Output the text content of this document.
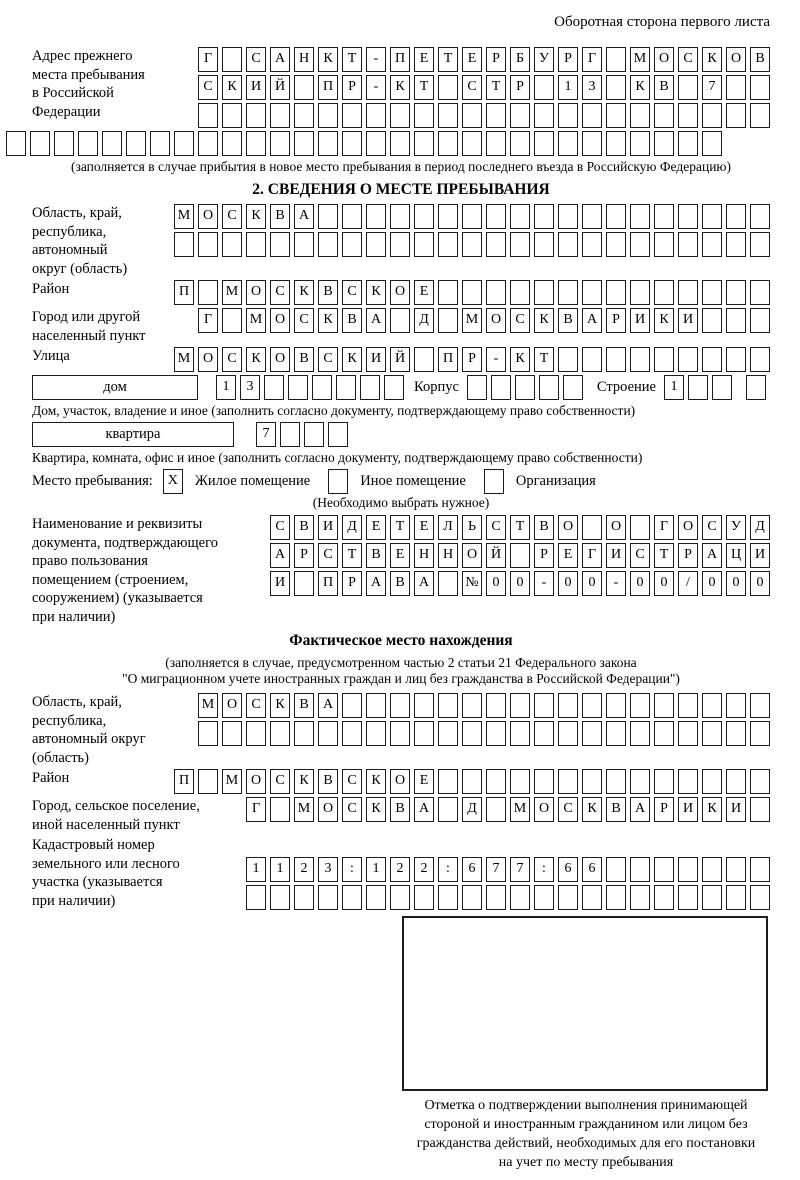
Оборотная сторона первого листа
Адрес прежнего
места пребывания
в Российской
Федерации
Г	С	А Н	К	Т	-	П	Е	Т	Е	Р	Б	У	Р	Г	М О	С	К	О	В
С	К	И Й	П	Р	-	К	Т	С	Т	Р	1	3	К	В	7
(заполняется в случае прибытия в новое место пребывания в период последнего въезда в Российскую Федерацию)
2. СВЕДЕНИЯ О МЕСТЕ ПРЕБЫВАНИЯ
Область, край,
республика,
автономный
округ (область)
М О	С	К	В	А
Район	П	М О	С	К	В	С	К	О	Е
Город или другой
населенный пункт
Г	М О	С	К	В	А	Д	М О	С	К	В	А	Р	И	К	И
Улица	М О	С	К	О	В	С	К	И Й	П	Р	-	К	Т
дом	1	3	Корпус	Строение	1
Дом, участок, владение и иное (заполнить согласно документу, подтверждающему право собственности)
квартира	7
Квартира, комната, офис и иное (заполнить согласно документу, подтверждающему право собственности)
Место пребывания:	X	Жилое помещение	Иное помещение	Организация
(Необходимо выбрать нужное)
Наименование и реквизиты
документа, подтверждающего
право пользования
помещением (строением,
сооружением) (указывается
при наличии)
С	В	И	Д	Е	Т	Е	Л	Ь	С	Т	В	О	О	Г	О	С	У	Д
А	Р	С	Т	В	Е	Н Н О Й	Р	Е	Г	И	С	Т	Р	А Ц И
И	П	Р	А	В	А	№ 0	0	-	0	0	-	0	0	/	0	0	0
Фактическое место нахождения
(заполняется в случае, предусмотренном частью 2 статьи 21 Федерального закона
"О миграционном учете иностранных граждан и лиц без гражданства в Российской Федерации")
Область, край,
республика,
автономный округ
(область)
М О	С	К	В	А
Район	П	М О	С	К	В	С	К	О	Е
Город, сельское поселение,
иной населенный пункт
Г	М О	С	К	В	А	Д	М О	С	К	В	А	Р	И	К	И
Кадастровый номер
земельного или лесного
участка (указывается
при наличии)
1	1	2	3	:	1	2	2	:	6	7	7	:	6	6
Отметка о подтверждении выполнения принимающей
стороной и иностранным гражданином или лицом без
гражданства действий, необходимых для его постановки
на учет по месту пребывания
